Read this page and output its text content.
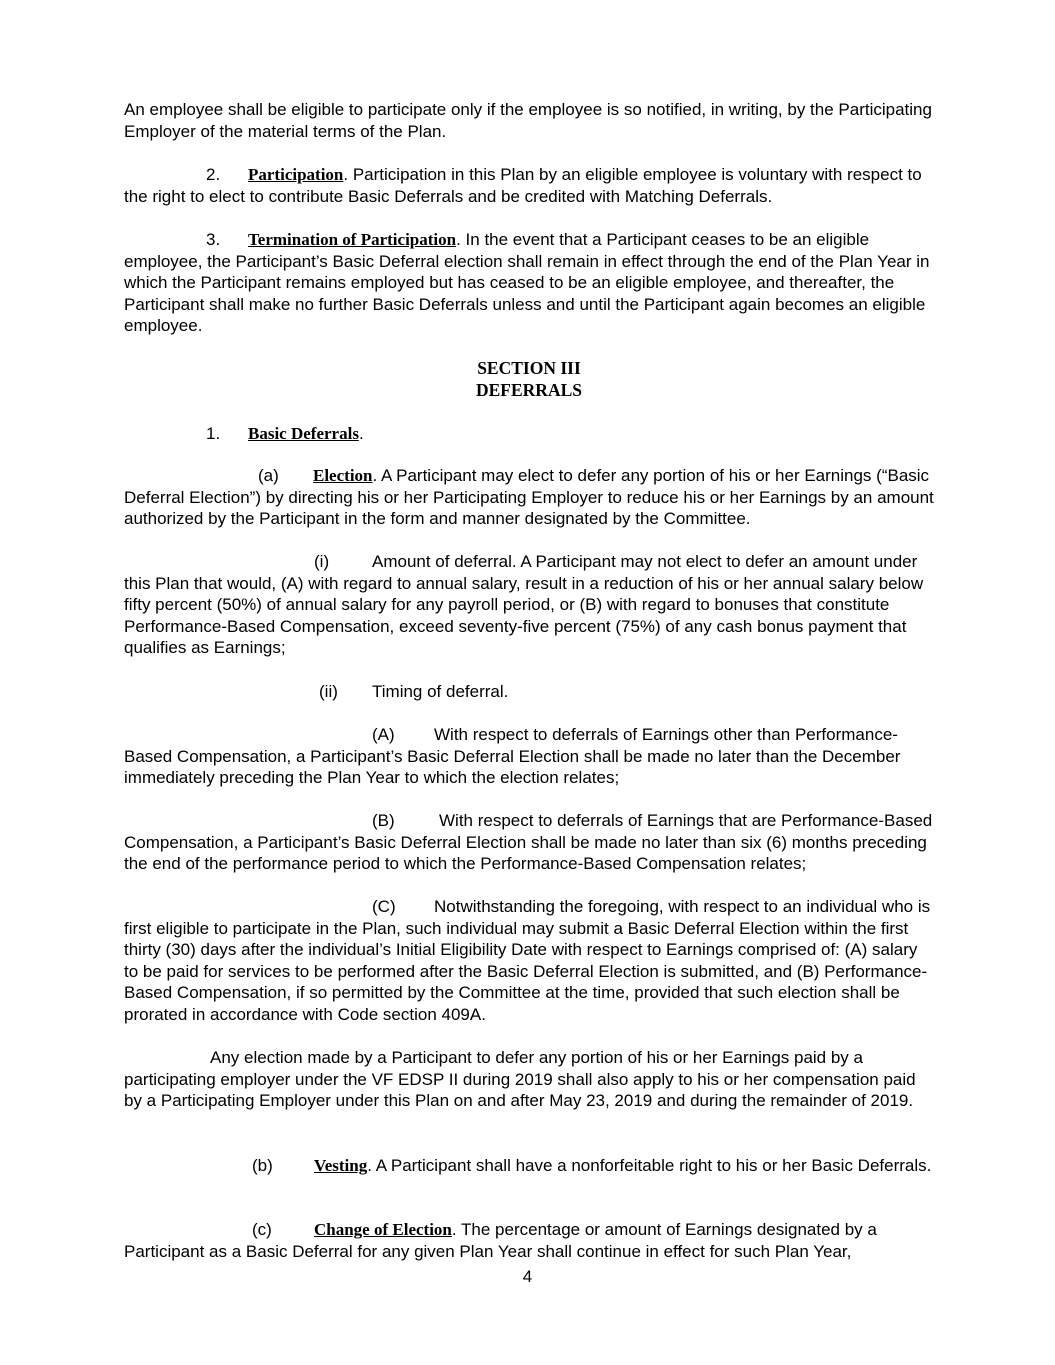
An employee shall be eligible to participate only if the employee is so notified, in writing, by the Participating Employer of the material terms of the Plan.

2. Participation. Participation in this Plan by an eligible employee is voluntary with respect to the right to elect to contribute Basic Deferrals and be credited with Matching Deferrals.

3. Termination of Participation. In the event that a Participant ceases to be an eligible employee, the Participant’s Basic Deferral election shall remain in effect through the end of the Plan Year in which the Participant remains employed but has ceased to be an eligible employee, and thereafter, the Participant shall make no further Basic Deferrals unless and until the Participant again becomes an eligible employee.

SECTION III
DEFERRALS

1. Basic Deferrals.

(a) Election. A Participant may elect to defer any portion of his or her Earnings (“Basic Deferral Election”) by directing his or her Participating Employer to reduce his or her Earnings by an amount authorized by the Participant in the form and manner designated by the Committee.

(i)	Amount of deferral. A Participant may not elect to defer an amount under this Plan that would, (A) with regard to annual salary, result in a reduction of his or her annual salary below fifty percent (50%) of annual salary for any payroll period, or (B) with regard to bonuses that constitute Performance-Based Compensation, exceed seventy-five percent (75%) of any cash bonus payment that qualifies as Earnings;

(ii) Timing of deferral.

(A) With respect to deferrals of Earnings other than Performance-Based Compensation, a Participant’s Basic Deferral Election shall be made no later than the December immediately preceding the Plan Year to which the election relates;

(B)	With respect to deferrals of Earnings that are Performance-Based Compensation, a Participant’s Basic Deferral Election shall be made no later than six (6) months preceding the end of the performance period to which the Performance-Based Compensation relates;

(C) Notwithstanding the foregoing, with respect to an individual who is first eligible to participate in the Plan, such individual may submit a Basic Deferral Election within the first thirty (30) days after the individual’s Initial Eligibility Date with respect to Earnings comprised of: (A) salary to be paid for services to be performed after the Basic Deferral Election is submitted, and (B) Performance-Based Compensation, if so permitted by the Committee at the time, provided that such election shall be prorated in accordance with Code section 409A.

Any election made by a Participant to defer any portion of his or her Earnings paid by a participating employer under the VF EDSP II during 2019 shall also apply to his or her compensation paid by a Participating Employer under this Plan on and after May 23, 2019 and during the remainder of 2019.

(b) Vesting. A Participant shall have a nonforfeitable right to his or her Basic Deferrals.

(c) Change of Election. The percentage or amount of Earnings designated by a Participant as a Basic Deferral for any given Plan Year shall continue in effect for such Plan Year,

4
